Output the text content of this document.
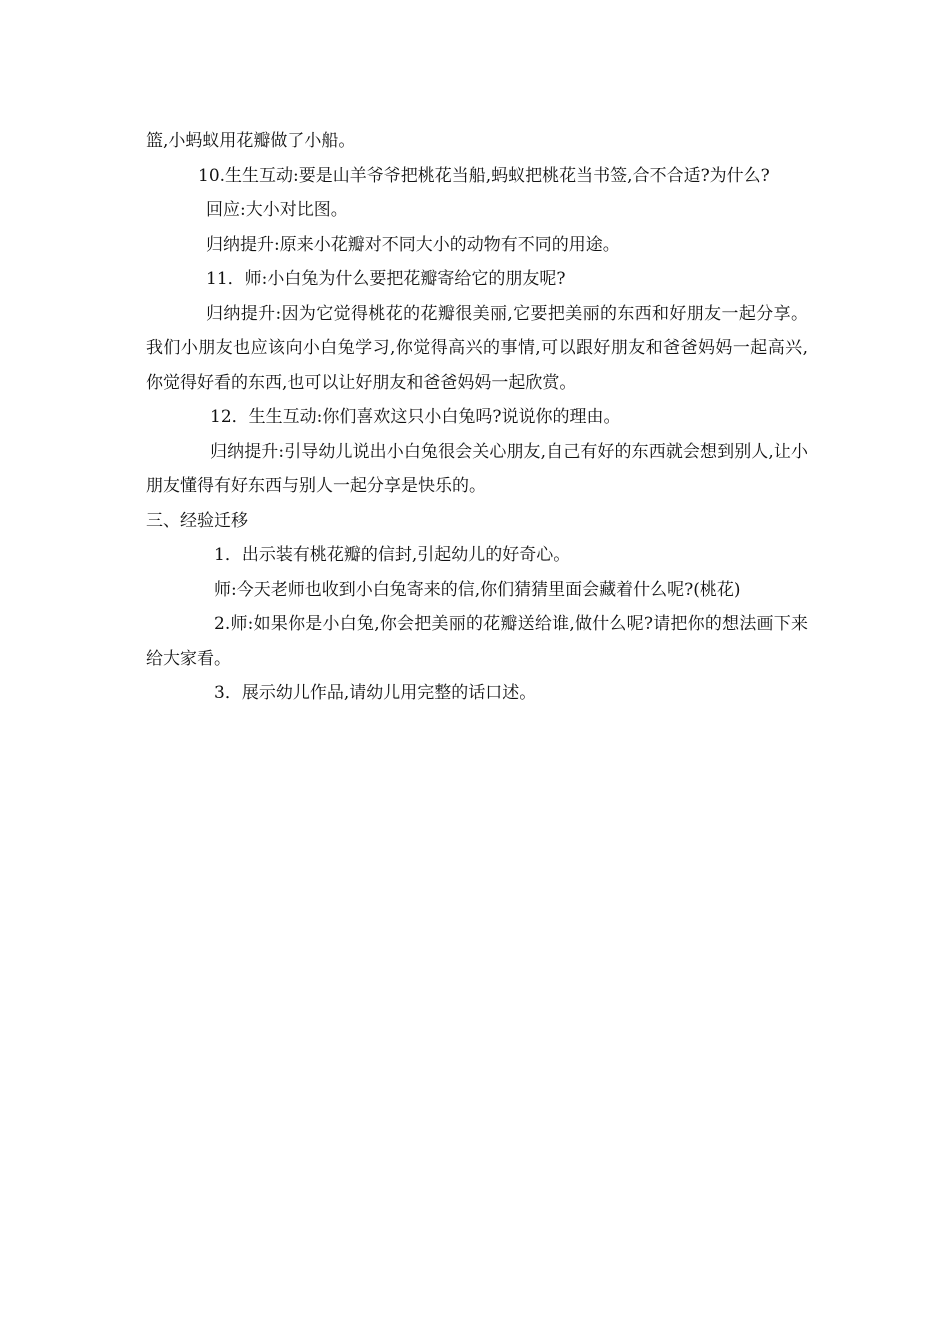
篮,小蚂蚁用花瓣做了小船。

10.生生互动:要是山羊爷爷把桃花当船,蚂蚁把桃花当书签,合不合适?为什么?

回应:大小对比图。

归纳提升:原来小花瓣对不同大小的动物有不同的用途。

11．师:小白兔为什么要把花瓣寄给它的朋友呢?

归纳提升:因为它觉得桃花的花瓣很美丽,它要把美丽的东西和好朋友一起分享。我们小朋友也应该向小白兔学习,你觉得高兴的事情,可以跟好朋友和爸爸妈妈一起高兴,你觉得好看的东西,也可以让好朋友和爸爸妈妈一起欣赏。

12．生生互动:你们喜欢这只小白兔吗?说说你的理由。

归纳提升:引导幼儿说出小白兔很会关心朋友,自己有好的东西就会想到别人,让小朋友懂得有好东西与别人一起分享是快乐的。

三、经验迁移

1．出示装有桃花瓣的信封,引起幼儿的好奇心。

师:今天老师也收到小白兔寄来的信,你们猜猜里面会藏着什么呢?(桃花)

2.师:如果你是小白兔,你会把美丽的花瓣送给谁,做什么呢?请把你的想法画下来给大家看。

3．展示幼儿作品,请幼儿用完整的话口述。
